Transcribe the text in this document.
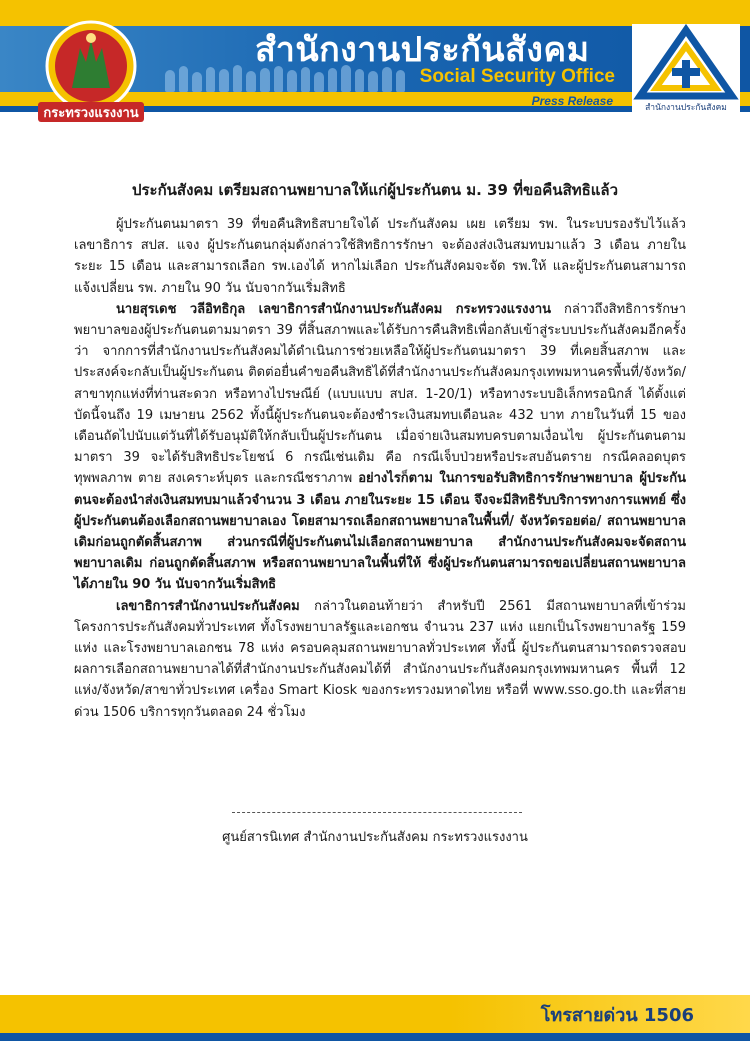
กระทรวงแรงงาน
สำนักงานประกันสังคม
Social Security Office
Press Release	สำนักงานประกันสังคม
ประกันสังคม เตรียมสถานพยาบาลให้แก่ผู้ประกันตน ม. 39 ที่ขอคืนสิทธิแล้ว

ผู้ประกันตนมาตรา 39 ที่ขอคืนสิทธิสบายใจได้ ประกันสังคม เผย เตรียม รพ. ในระบบรองรับไว้แล้ว เลขาธิการ สปส. แจง ผู้ประกันตนกลุ่มดังกล่าวใช้สิทธิการรักษา จะต้องส่งเงินสมทบมาแล้ว 3 เดือน ภายในระยะ 15 เดือน และสามารถเลือก รพ.เองได้ หากไม่เลือก ประกันสังคมจะจัด รพ.ให้ และผู้ประกันตนสามารถแจ้งเปลี่ยน รพ. ภายใน 90 วัน นับจากวันเริ่มสิทธิ

นายสุรเดช วลีอิทธิกุล เลขาธิการสำนักงานประกันสังคม กระทรวงแรงงาน กล่าวถึงสิทธิการรักษาพยาบาลของผู้ประกันตนตามมาตรา 39 ที่สิ้นสภาพและได้รับการคืนสิทธิเพื่อกลับเข้าสู่ระบบประกันสังคมอีกครั้ง ว่า จากการที่สำนักงานประกันสังคมได้ดำเนินการช่วยเหลือให้ผู้ประกันตนมาตรา 39 ที่เคยสิ้นสภาพ และประสงค์จะกลับเป็นผู้ประกันตน ติดต่อยื่นคำขอคืนสิทธิได้ที่สำนักงานประกันสังคมกรุงเทพมหานครพื้นที่/จังหวัด/สาขาทุกแห่งที่ท่านสะดวก หรือทางไปรษณีย์ (แบบแบบ สปส. 1-20/1) หรือทางระบบอิเล็กทรอนิกส์ ได้ตั้งแต่บัดนี้จนถึง 19 เมษายน 2562 ทั้งนี้ผู้ประกันตนจะต้องชำระเงินสมทบเดือนละ 432 บาท ภายในวันที่ 15 ของเดือนถัดไปนับแต่วันที่ได้รับอนุมัติให้กลับเป็นผู้ประกันตน เมื่อจ่ายเงินสมทบครบตามเงื่อนไข ผู้ประกันตนตามมาตรา 39 จะได้รับสิทธิประโยชน์ 6 กรณีเช่นเดิม คือ กรณีเจ็บป่วยหรือประสบอันตราย กรณีคลอดบุตร ทุพพลภาพ ตาย สงเคราะห์บุตร และกรณีชราภาพ อย่างไรก็ตาม ในการขอรับสิทธิการรักษาพยาบาล ผู้ประกันตนจะต้องนำส่งเงินสมทบมาแล้วจำนวน 3 เดือน ภายในระยะ 15 เดือน จึงจะมีสิทธิรับบริการทางการแพทย์ ซึ่งผู้ประกันตนต้องเลือกสถานพยาบาลเอง โดยสามารถเลือกสถานพยาบาลในพื้นที่/ จังหวัดรอยต่อ/ สถานพยาบาลเดิมก่อนถูกตัดสิ้นสภาพ ส่วนกรณีที่ผู้ประกันตนไม่เลือกสถานพยาบาล สำนักงานประกันสังคมจะจัดสถานพยาบาลเดิม ก่อนถูกตัดสิ้นสภาพ หรือสถานพยาบาลในพื้นที่ให้ ซึ่งผู้ประกันตนสามารถขอเปลี่ยนสถานพยาบาลได้ภายใน 90 วัน นับจากวันเริ่มสิทธิ

เลขาธิการสำนักงานประกันสังคม กล่าวในตอนท้ายว่า สำหรับปี 2561 มีสถานพยาบาลที่เข้าร่วมโครงการประกันสังคมทั่วประเทศ ทั้งโรงพยาบาลรัฐและเอกชน จำนวน 237 แห่ง แยกเป็นโรงพยาบาลรัฐ 159 แห่ง และโรงพยาบาลเอกชน 78 แห่ง ครอบคลุมสถานพยาบาลทั่วประเทศ ทั้งนี้ ผู้ประกันตนสามารถตรวจสอบผลการเลือกสถานพยาบาลได้ที่สำนักงานประกันสังคมได้ที่ สำนักงานประกันสังคมกรุงเทพมหานคร พื้นที่ 12 แห่ง/จังหวัด/สาขาทั่วประเทศ เครื่อง Smart Kiosk ของกระทรวงมหาดไทย หรือที่ www.sso.go.th และที่สายด่วน 1506 บริการทุกวันตลอด 24 ชั่วโมง

ศูนย์สารนิเทศ สำนักงานประกันสังคม กระทรวงแรงงาน
โทรสายด่วน 1506
